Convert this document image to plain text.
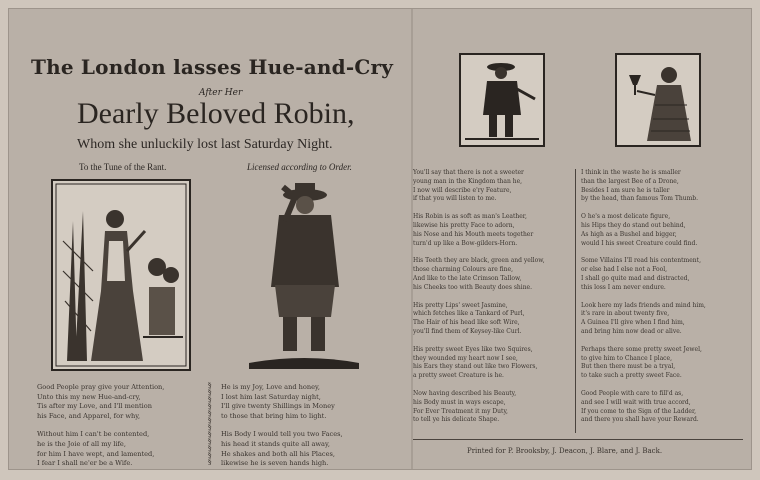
The London lasses Hue-and-Cry
After Her
Dearly Beloved Robin,
Whom she unluckily lost last Saturday Night.
To the Tune of the Rant.	Licensed according to Order.
Good People pray give your Attention,
Unto this my new Hue-and-cry,
Tis after my Love, and I'll mention
his Face, and Apparel, for why,
Without him I can't be contented,
he is the Joie of all my life,
for him I have wept, and lamented,
I fear I shall ne'er be a Wife.
§
§
§
§
§
§
§
§
§
§
§
§
He is my Joy, Love and honey,
I lost him last Saturday night,
I'll give twenty Shillings in Money
to those that bring him to light.
His Body I would tell you two Faces,
his head it stands quite all away,
He shakes and both all his Places,
likewise he is seven hands high.
You'll say that there is not a sweeter
young man in the Kingdom than he,
I now will describe e'ry Feature,
if that you will listen to me.
His Robin is as soft as man's Leather,
likewise his pretty Face to adorn,
his Nose and his Mouth meets together
turn'd up like a Bow-gilders-Horn.
His Teeth they are black, green and yellow,
those charming Colours are fine,
And like to the late Crimson Tallow,
his Cheeks too with Beauty does shine.
His pretty Lips' sweet Jasmine,
which fetches like a Tankard of Purl,
The Hair of his head like soft Wire,
you'll find them of Keysey-like Curl.
His pretty sweet Eyes like two Squires,
they wounded my heart now I see,
his Ears they stand out like two Flowers,
a pretty sweet Creature is he.
Now having described his Beauty,
his Body must in ways escape,
For Ever Treatment it my Duty,
to tell ye his delicate Shape.
I think in the waste he is smaller
than the largest Bee of a Drone,
Besides I am sure he is taller
by the head, than famous Tom Thumb.
O he's a most delicate figure,
his Hips they do stand out behind,
As high as a Bushel and bigger,
would I his sweet Creature could find.
Some Villains I'll read his contentment,
or else had I else not a Fool,
I shall go quite mad and distracted,
this loss I am never endure.
Look here my lads friends and mind him,
it's rare in about twenty five,
A Guinea I'll give when I find him,
and bring him now dead or alive.
Perhaps there some pretty sweet Jewel,
to give him to Chance I place,
But then there must be a tryal,
to take such a pretty sweet Face.
Good People with care to fill'd as,
and see I will wait with true accord,
If you come to the Sign of the Ladder,
and there you shall have your Reward.
Printed for P. Brooksby, J. Deacon, J. Blare, and J. Back.
